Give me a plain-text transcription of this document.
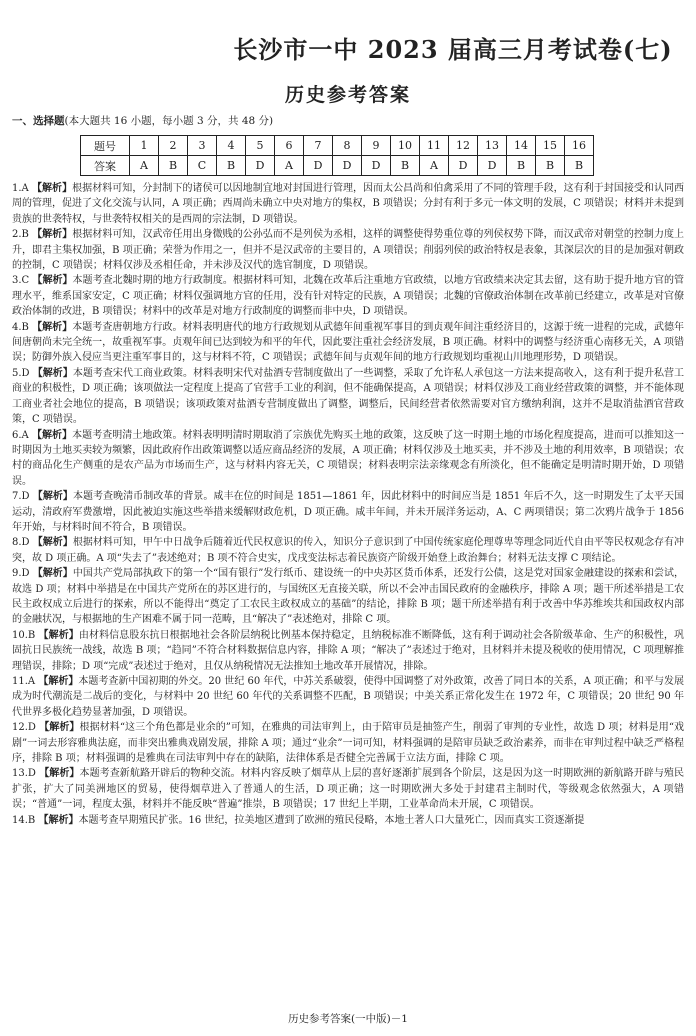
长沙市一中 2023 届高三月考试卷(七)
历史参考答案
一、选择题(本大题共 16 小题，每小题 3 分，共 48 分)
题号	1	2	3	4	5	6	7	8	9	10	11	12	13	14	15	16
答案	A	B	C	B	D	A	D	D	D	B	A	D	D	B	B	B

1.A 【解析】根据材料可知，分封制下的诸侯可以因地制宜地对封国进行管理，因而太公昌尚和伯禽采用了不同的管理手段，这有利于封国接受和认同西周的管理，促进了文化交流与认同，A 项正确；西周尚未确立中央对地方的集权，B 项错误；分封有利于多元一体文明的发展，C 项错误；材料并未提到贵族的世袭特权，与世袭特权相关的是西周的宗法制，D 项错误。

2.B 【解析】根据材料可知，汉武帝任用出身微贱的公孙弘而不是列侯为丞相，这样的调整使得势重位尊的列侯权势下降，而汉武帝对朝堂的控制力度上升，即君主集权加强，B 项正确；荣誉为作用之一，但并不是汉武帝的主要目的，A 项错误；削弱列侯的政治特权是表象，其深层次的目的是加强对朝政的控制，C 项错误；材料仅涉及丞相任命，并未涉及汉代的选官制度，D 项错误。

3.C 【解析】本题考查北魏时期的地方行政制度。根据材料可知，北魏在改革后注重地方官政绩，以地方官政绩来决定其去留，这有助于提升地方官的管理水平，维系国家安定，C 项正确；材料仅强调地方官的任用，没有针对特定的民族，A 项错误；北魏的官僚政治体制在改革前已经建立，改革是对官僚政治体制的改进，B 项错误；材料中的改革是对地方行政制度的调整而非中央，D 项错误。

4.B 【解析】本题考查唐朝地方行政。材料表明唐代的地方行政规划从武德年间重视军事目的到贞观年间注重经济目的，这源于统一进程的完成，武德年间唐朝尚未完全统一，故重视军事。贞观年间已达到较为和平的年代，因此要注重社会经济发展，B 项正确。材料中的调整与经济重心南移无关，A 项错误；防御外族入侵应当更注重军事目的，这与材料不符，C 项错误；武德年间与贞观年间的地方行政规划均重视山川地理形势，D 项错误。

5.D 【解析】本题考查宋代工商业政策。材料表明宋代对盐酒专营制度做出了一些调整，采取了允许私人承包这一方法来提高收入，这有利于提升私营工商业的积极性，D 项正确；该项做法一定程度上提高了官营手工业的利润，但不能确保提高，A 项错误；材料仅涉及工商业经营政策的调整，并不能体现工商业者社会地位的提高，B 项错误；该项政策对盐酒专营制度做出了调整，调整后，民间经营者依然需要对官方缴纳利润，这并不是取消盐酒官营政策，C 项错误。

6.A 【解析】本题考查明清土地政策。材料表明明清时期取消了宗族优先购买土地的政策，这反映了这一时期土地的市场化程度提高，进而可以推知这一时期因为土地买卖较为频繁，因此政府作出政策调整以适应商品经济的发展，A 项正确；材料仅涉及土地买卖，并不涉及土地的利用效率，B 项错误；农村的商品化生产侧重的是农产品为市场而生产，这与材料内容无关，C 项错误；材料表明宗法亲缘观念有所淡化，但不能确定是明清时期开始，D 项错误。

7.D 【解析】本题考查晚清币制改革的背景。咸丰在位的时间是 1851—1861 年，因此材料中的时间应当是 1851 年后不久，这一时期发生了太平天国运动，清政府军费激增，因此被迫实施这些举措来缓解财政危机，D 项正确。咸丰年间，并未开展洋务运动，A、C 两项错误；第二次鸦片战争于 1856 年开始，与材料时间不符合，B 项错误。

8.D 【解析】根据材料可知，甲午中日战争后随着近代民权意识的传入，知识分子意识到了中国传统家庭伦理尊卑等理念同近代自由平等民权观念存有冲突，故 D 项正确。A 项“失去了”表述绝对；B 项不符合史实，戊戌变法标志着民族资产阶级开始登上政治舞台；材料无法支撑 C 项结论。

9.D 【解析】中国共产党局部执政下的第一个“国有银行”发行纸币、建设统一的中央苏区货币体系，还发行公债，这是党对国家金融建设的探索和尝试，故选 D 项；材料中举措是在中国共产党所在的苏区进行的，与国统区无直接关联，所以不会冲击国民政府的金融秩序，排除 A 项；题干所述举措是工农民主政权成立后进行的探索，所以不能得出“奠定了工农民主政权成立的基础”的结论，排除 B 项；题干所述举措有利于改善中华苏维埃共和国政权内部的金融状况，与根据地的生产困难不属于同一范畴，且“解决了”表述绝对，排除 C 项。

10.B 【解析】由材料信息股东抗日根据地社会各阶层纳税比例基本保持稳定，且纳税标准不断降低，这有利于调动社会各阶级革命、生产的积极性，巩固抗日民族统一战线，故选 B 项；“趋同”不符合材料数据信息内容，排除 A 项；“解决了”表述过于绝对，且材料并未提及税收的使用情况，C 项理解推理错误，排除；D 项“完成”表述过于绝对，且仅从纳税情况无法推知土地改革开展情况，排除。

11.A 【解析】本题考查新中国初期的外交。20 世纪 60 年代，中苏关系破裂，使得中国调整了对外政策，改善了同日本的关系，A 项正确；和平与发展成为时代潮流是二战后的变化，与材料中 20 世纪 60 年代的关系调整不匹配，B 项错误；中美关系正常化发生在 1972 年，C 项错误；20 世纪 90 年代世界多极化趋势显著加强，D 项错误。

12.D 【解析】根据材料“这三个角色都是业余的”可知，在雅典的司法审判上，由于陪审员是抽签产生，削弱了审判的专业性，故选 D 项；材料是用“戏剧”一词去形容雅典法庭，而非突出雅典戏剧发展，排除 A 项；通过“业余”一词可知，材料强调的是陪审员缺乏政治素养，而非在审判过程中缺乏严格程序，排除 B 项；材料强调的是雅典在司法审判中存在的缺陷，法律体系是否健全完善属于立法方面，排除 C 项。

13.D 【解析】本题考查新航路开辟后的物种交流。材料内容反映了烟草从上层的喜好逐渐扩展到各个阶层，这是因为这一时期欧洲的新航路开辟与殖民扩张，扩大了同美洲地区的贸易，使得烟草进入了普通人的生活，D 项正确；这一时期欧洲大多处于封建君主制时代，等级观念依然强大，A 项错误；“普通”一词，程度太强，材料并不能反映“普遍”推崇，B 项错误；17 世纪上半期，工业革命尚未开展，C 项错误。

14.B 【解析】本题考查早期殖民扩张。16 世纪，拉美地区遭到了欧洲的殖民侵略，本地土著人口大量死亡，因而真实工资逐渐提

历史参考答案(一中版)－1
